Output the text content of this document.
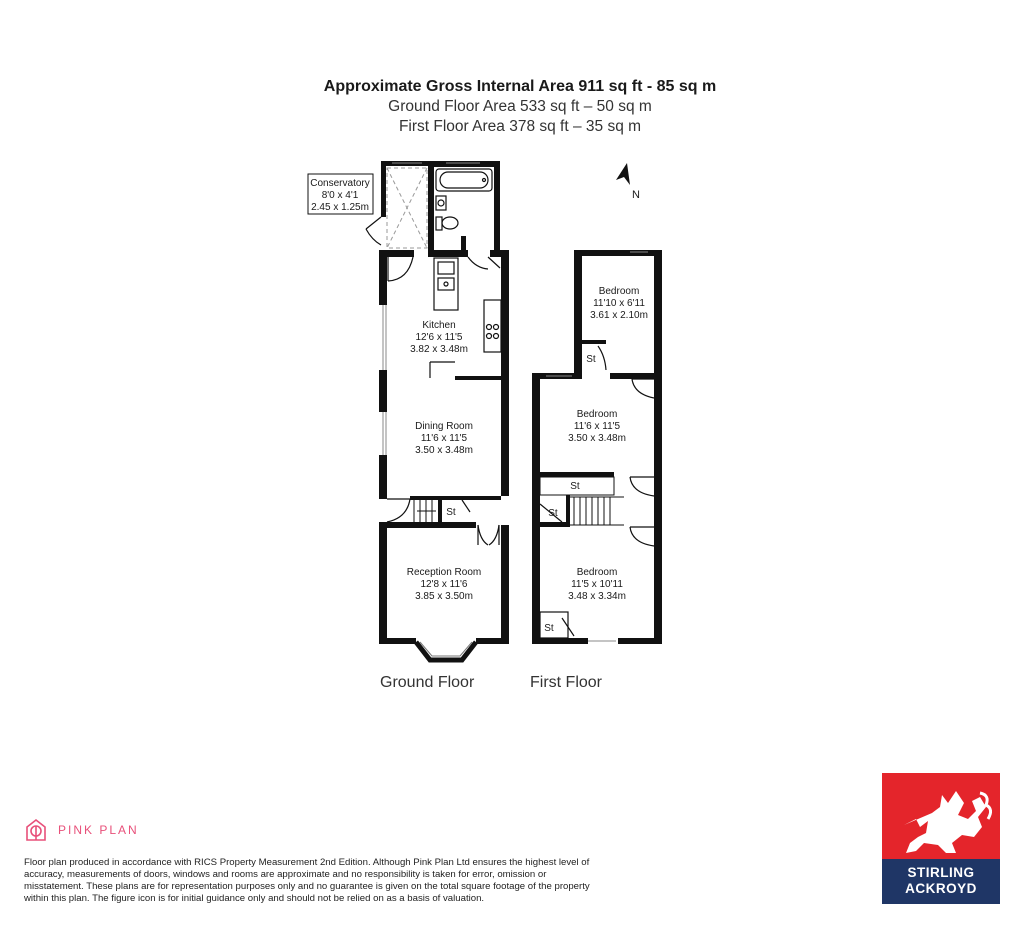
Approximate Gross Internal Area 911 sq ft - 85 sq m
Ground Floor Area 533 sq ft – 50 sq m
First Floor Area 378 sq ft – 35 sq m
N
Conservatory
8'0 x 4'1
2.45 x 1.25m
Kitchen
12'6 x 11'5
3.82 x 3.48m
Dining Room
11'6 x 11'5
3.50 x 3.48m
Reception Room
12'8 x 11'6
3.85 x 3.50m
St
Bedroom
11'10 x 6'11
3.61 x 2.10m
St
Bedroom
11'6 x 11'5
3.50 x 3.48m
St
St
Bedroom
11'5 x 10'11
3.48 x 3.34m
St
Ground Floor	First Floor
PINK PLAN
Floor plan produced in accordance with RICS Property Measurement 2nd Edition. Although Pink Plan Ltd ensures the highest level of accuracy, measurements of doors, windows and rooms are approximate and no responsibility is taken for error, omission or misstatement. These plans are for representation purposes only and no guarantee is given on the total square footage of the property within this plan. The figure icon is for initial guidance only and should not be relied on as a basis of valuation.
STIRLING
ACKROYD
